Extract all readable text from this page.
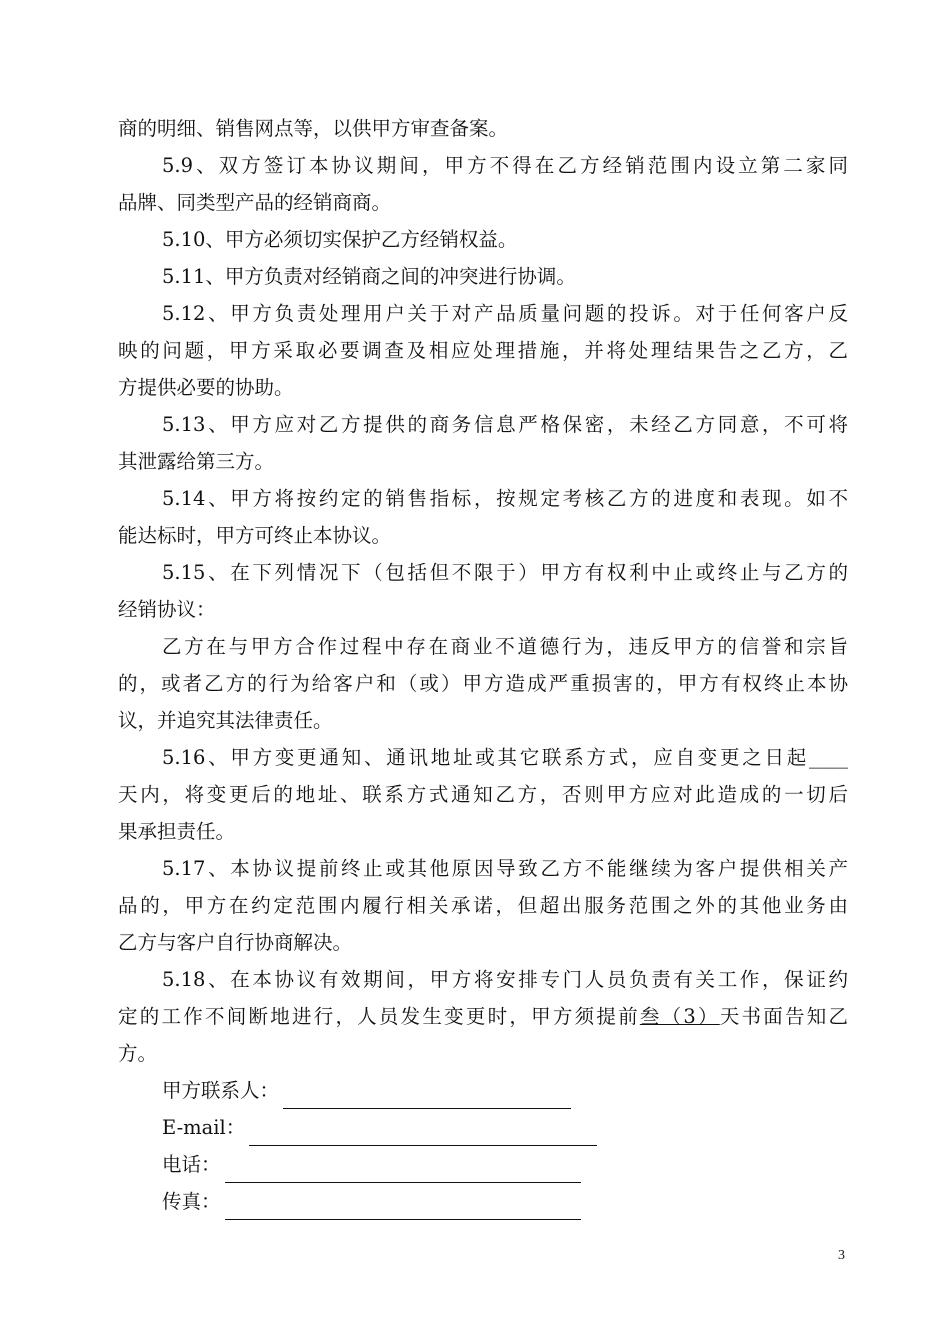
商的明细、销售网点等，以供甲方审查备案。
5.9、双方签订本协议期间，甲方不得在乙方经销范围内设立第二家同
品牌、同类型产品的经销商商。
5.10、甲方必须切实保护乙方经销权益。
5.11、甲方负责对经销商之间的冲突进行协调。
5.12、甲方负责处理用户关于对产品质量问题的投诉。对于任何客户反
映的问题，甲方采取必要调查及相应处理措施，并将处理结果告之乙方，乙
方提供必要的协助。
5.13、甲方应对乙方提供的商务信息严格保密，未经乙方同意，不可将
其泄露给第三方。
5.14、甲方将按约定的销售指标，按规定考核乙方的进度和表现。如不
能达标时，甲方可终止本协议。
5.15、在下列情况下（包括但不限于）甲方有权利中止或终止与乙方的
经销协议：
乙方在与甲方合作过程中存在商业不道德行为，违反甲方的信誉和宗旨
的，或者乙方的行为给客户和（或）甲方造成严重损害的，甲方有权终止本协
议，并追究其法律责任。
5.16、甲方变更通知、通讯地址或其它联系方式，应自变更之日起____
天内，将变更后的地址、联系方式通知乙方，否则甲方应对此造成的一切后
果承担责任。
5.17、本协议提前终止或其他原因导致乙方不能继续为客户提供相关产
品的，甲方在约定范围内履行相关承诺，但超出服务范围之外的其他业务由
乙方与客户自行协商解决。
5.18、在本协议有效期间，甲方将安排专门人员负责有关工作，保证约
定的工作不间断地进行，人员发生变更时，甲方须提前叁（3）天书面告知乙
方。
甲方联系人：
E-mail：
电话：
传真：
3
